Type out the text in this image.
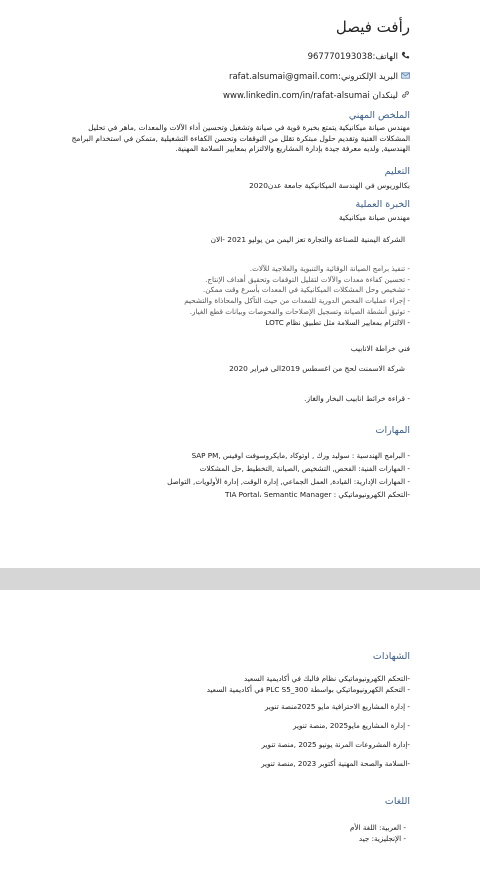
رأفت فيصل
الهاتف:967770193038
البريد الإلكتروني:rafat.alsumai@gmail.com
لينكدان www.linkedin.com/in/rafat-alsumai
الملخص المهني
مهندس صيانة ميكانيكية يتمتع بخبرة قوية في صيانة وتشغيل وتحسين أداء الآلات والمعدات ,ماهر في تحليل المشكلات الفنية وتقديم حلول مبتكرة تقلل من التوقفات وتحسن الكفاءة التشغيلية ,متمكن في استخدام البرامج الهندسية, ولديه معرفة جيدة بإدارة المشاريع والالتزام بمعايير السلامة المهنية.
التعليم
بكالوريوس في الهندسة الميكانيكية جامعة عدن2020
الخبرة العملية
مهندس صيانة ميكانيكية
الشركة اليمنية للصناعة والتجارة تعز اليمن من يوليو 2021 -الان
- تنفيذ برامج الصيانة الوقائية والتنبوية والعلاجية للآلات.
- تحسين كفاءة معدات والآلات لتقليل التوقفات وتحقيق أهداف الإنتاج.
- تشخيص وحل المشكلات الميكانيكية في المعدات بأسرع وقت ممكن.
- إجراء عمليات الفحص الدورية للمعدات من حيث التآكل والمحاذاة والتشحيم
- توثيق أنشطة الصيانة وتسجيل الإصلاحات والفحوصات وبيانات قطع الغيار.
- الالتزام بمعايير السلامة مثل تطبيق نظام LOTC
فني خراطة الانابيب
شركة الاسمنت لحج من اغسطس 2019الى فبراير 2020
- قراءة خرائط انابيب البخار والغاز.
المهارات
- البرامج الهندسية : سوليد ورك , اوتوكاد ,مايكروسوفت اوفيس ,SAP PM
- المهارات الفنية: الفحص, التشخيص ,الصيانة ,التخطيط ,حل المشكلات
- المهارات الإدارية: القيادة, العمل الجماعي, إدارة الوقت, إدارة الأولويات, التواصل
-التحكم الكهرونيوماتيكي : TIA Portal، Semantic Manager
الشهادات
-التحكم الكهرونيوماتيكي نظام فالبك في أكاديمية السعيد
- التحكم الكهرونيوماتيكي بواسطة PLC S5_300 في أكاديمية السعيد
- إدارة المشاريع الاحترافية مايو 2025منصة تنوير
- إدارة المشاريع مايو2025 ,منصة تنوير
-إدارة المشروعات المرنة يونيو 2025 ,منصة تنوير
-السلامة والصحة المهنية أكتوبر 2023 ,منصة تنوير
اللغات
- العربية: اللغة الأم
- الإنجليزية: جيد
